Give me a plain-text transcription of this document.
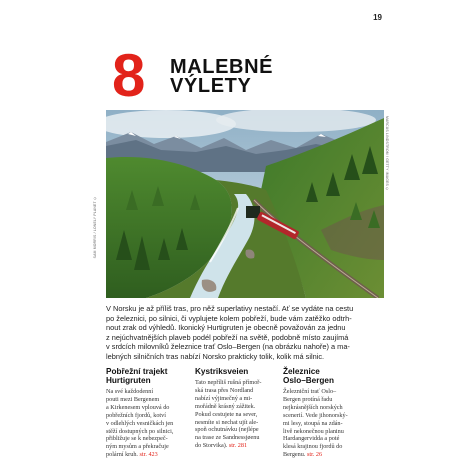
19
8 MALEBNÉ
VÝLETY
SAM MORRIS / LONELY PLANET ©
MARCUS LINDSTROM / GETTY IMAGES ©
V Norsku je až příliš tras, pro něž superlativy nestačí. Ať se vydáte na cestu
po železnici, po silnici, či vyplujete kolem pobřeží, bude vám zatěžko odtrh-
nout zrak od výhledů. Ikonický Hurtigruten je obecně považován za jednu
z nejúchvatnějších plaveb podél pobřeží na světě, podobně místo zaujímá
v srdcích milovníků železnice trať Oslo–Bergen (na obrázku nahoře) a ma-
lebných silničních tras nabízí Norsko prakticky tolik, kolik má silnic.
Pobřežní trajekt
Hurtigruten

Na své každodenní
pouti mezi Bergenem
a Kirkenesem vplouvá do
pobřežních fjordů, kotví
v odlehlých vesničkách jen
stěží dostupných po silnici,
přibližuje se k nebezpeč-
ným mysům a překračuje
polární kruh. str. 423

Kystriksveien

Tato nepříliš rušná přímoř-
ská trasa přes Nordland
nabízí výjimečný a mi-
mořádně krásný zážitek.
Pokud cestujete na sever,
nesmíte si nechat ujít ale-
spoň ochutnávku (nejlépe
na trase ze Sandnessjøenu
do Storvika). str. 281

Železnice
Oslo–Bergen

Železniční trať Oslo–
Bergen protíná řadu
nejkrásnějších norských
scenerií. Vede jihonorský-
mi lesy, stoupá na zdán-
livě nekonečnou planinu
Hardangervidda a poté
klesá krajinou fjordů do
Bergenu. str. 26
